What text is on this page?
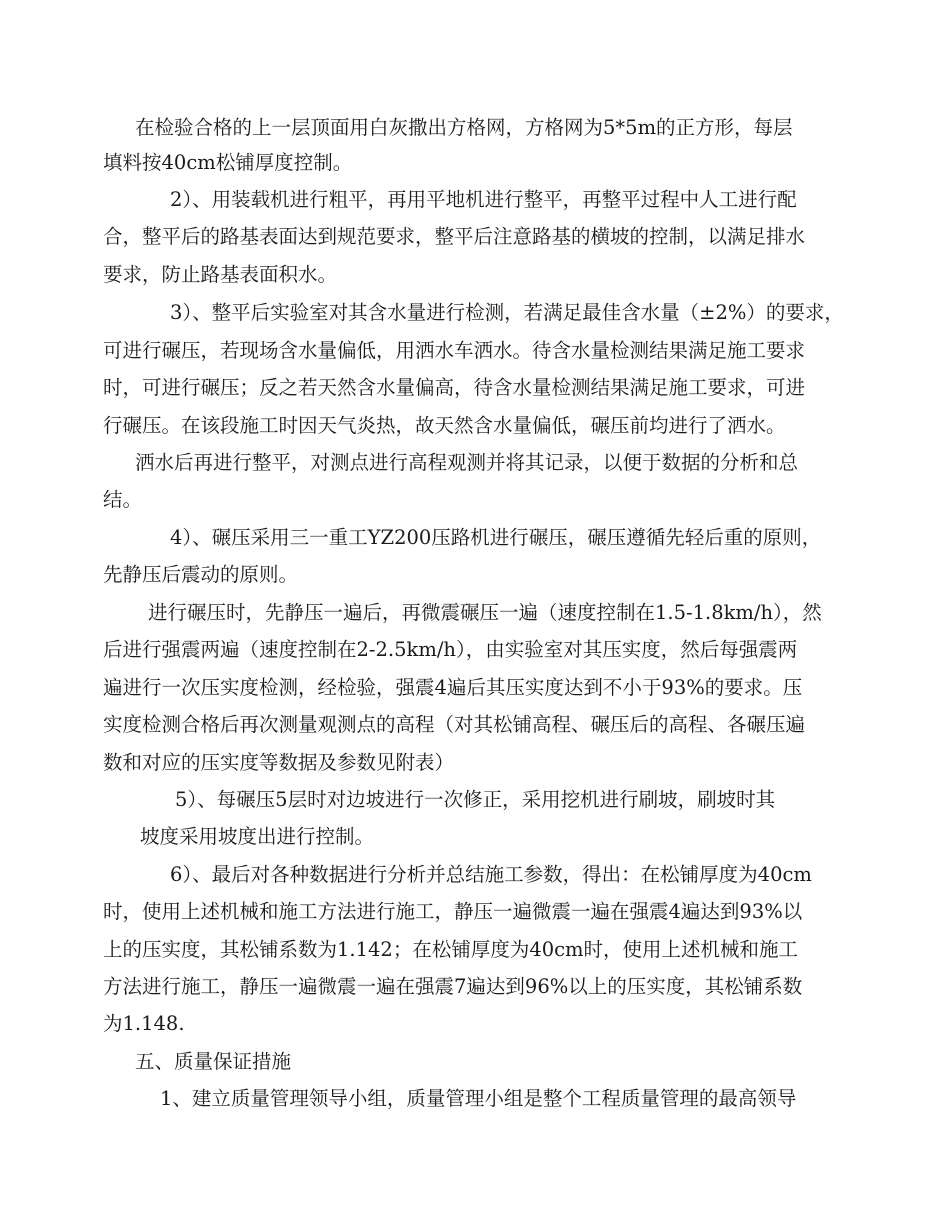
在检验合格的上一层顶面用白灰撒出方格网，方格网为5*5m的正方形，每层
填料按40cm松铺厚度控制。
2）、用装载机进行粗平，再用平地机进行整平，再整平过程中人工进行配
合，整平后的路基表面达到规范要求，整平后注意路基的横坡的控制，以满足排水
要求，防止路基表面积水。
3）、整平后实验室对其含水量进行检测，若满足最佳含水量（±2%）的要求，
可进行碾压，若现场含水量偏低，用洒水车洒水。待含水量检测结果满足施工要求
时，可进行碾压；反之若天然含水量偏高，待含水量检测结果满足施工要求，可进
行碾压。在该段施工时因天气炎热，故天然含水量偏低，碾压前均进行了洒水。
洒水后再进行整平，对测点进行高程观测并将其记录，以便于数据的分析和总
结。
4）、碾压采用三一重工YZ200压路机进行碾压，碾压遵循先轻后重的原则，
先静压后震动的原则。
进行碾压时，先静压一遍后，再微震碾压一遍（速度控制在1.5-1.8km/h），然
后进行强震两遍（速度控制在2-2.5km/h），由实验室对其压实度，然后每强震两
遍进行一次压实度检测，经检验，强震4遍后其压实度达到不小于93%的要求。压
实度检测合格后再次测量观测点的高程（对其松铺高程、碾压后的高程、各碾压遍
数和对应的压实度等数据及参数见附表）
5）、每碾压5层时对边坡进行一次修正，采用挖机进行刷坡，刷坡时其
坡度采用坡度出进行控制。
6）、最后对各种数据进行分析并总结施工参数，得出：在松铺厚度为40cm
时，使用上述机械和施工方法进行施工，静压一遍微震一遍在强震4遍达到93%以
上的压实度，其松铺系数为1.142；在松铺厚度为40cm时，使用上述机械和施工
方法进行施工，静压一遍微震一遍在强震7遍达到96%以上的压实度，其松铺系数
为1.148.
五、质量保证措施
1、建立质量管理领导小组，质量管理小组是整个工程质量管理的最高领导
